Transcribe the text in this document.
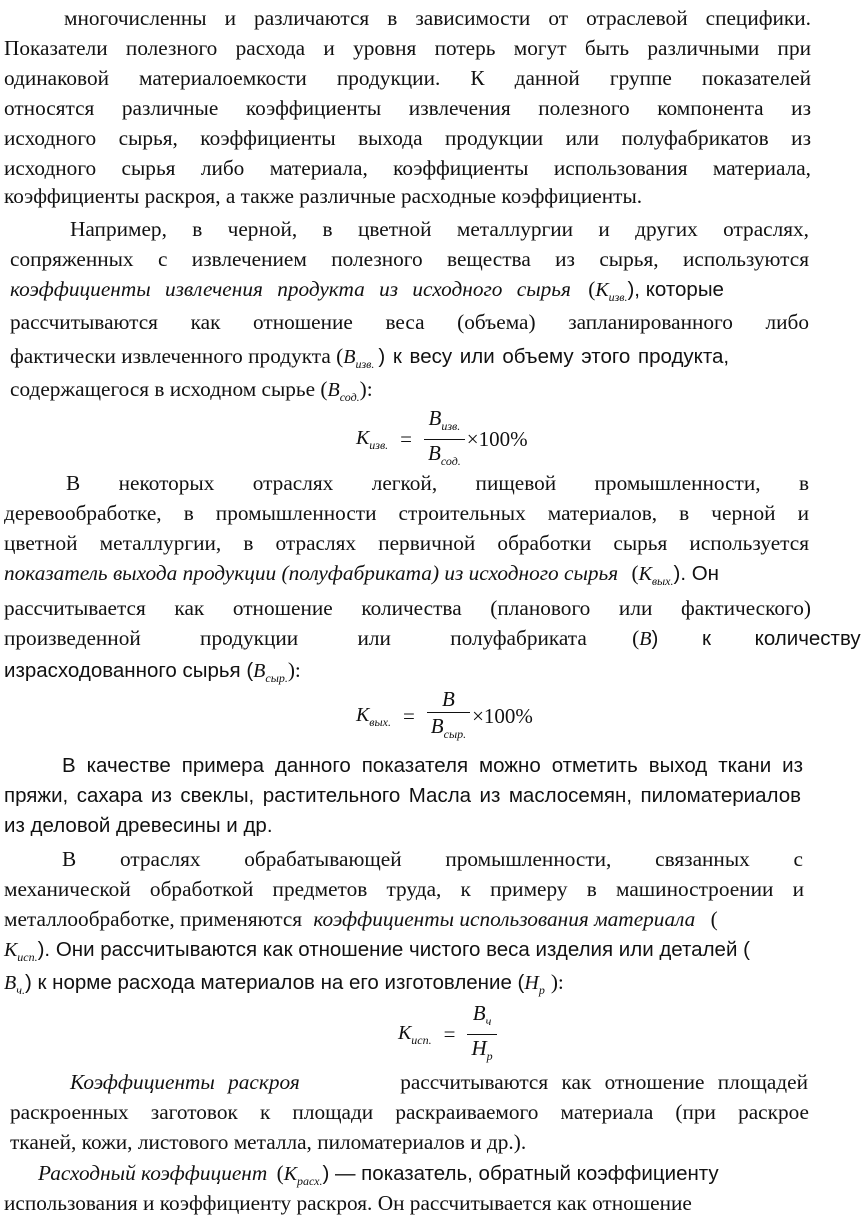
многочисленны и различаются в зависимости от отраслевой специфики.
Показатели полезного расхода и уровня потерь могут быть различными при
одинаковой материалоемкости продукции. К данной группе показателей
относятся различные коэффициенты извлечения полезного компонента из
исходного сырья, коэффициенты выхода продукции или полуфабрикатов из
исходного сырья либо материала, коэффициенты использования материала,
коэффициенты раскроя, а также различные расходные коэффициенты.
Например, в черной, в цветной металлургии и других отраслях,
сопряженных с извлечением полезного вещества из сырья, используются
коэффициенты извлечения продукта из исходного сырья $(К_{изв.})$, которые
рассчитываются как отношение веса (объема) запланированного либо
фактически извлеченного продукта ($В_{изв.}$ ) к весу или объему этого продукта,
содержащегося в исходном сырье $(В_{сод.})$:
$К_{изв.} = \frac{В_{изв.}}{В_{сод.}} \times 100\%$
В некоторых отраслях легкой, пищевой промышленности, в
деревообработке, в промышленности строительных материалов, в черной и
цветной металлургии, в отраслях первичной обработки сырья используется
показатель выхода продукции (полуфабриката) из исходного сырья $(К_{вых.})$. Он
рассчитывается как отношение количества (планового или фактического)
произведенной продукции или полуфабриката (В) к количеству
израсходованного сырья $(В_{сыр.})$:
$К_{вых.} = \frac{В}{В_{сыр.}} \times 100\%$
В качестве примера данного показателя можно отметить выход ткани из
пряжи, сахара из свеклы, растительного Масла из маслосемян, пиломатериалов
из деловой древесины и др.
В отраслях обрабатывающей промышленности, связанных с
механической обработкой предметов труда, к примеру в машиностроении и
металлообработке, применяются коэффициенты использования материала (
$К_{исп.}$). Они рассчитываются как отношение чистого веса изделия или деталей (
$В_{ч.}$) к норме расхода материалов на его изготовление ($Н_р$ ):
$К_{исп.} = \frac{В_ч}{Н_р}$
Коэффициенты раскроя	рассчитываются как отношение площадей
раскроенных заготовок к площади раскраиваемого материала (при раскрое
тканей, кожи, листового металла, пиломатериалов и др.).
Расходный коэффициент $(К_{расх.})$ — показатель, обратный коэффициенту
использования и коэффициенту раскроя. Он рассчитывается как отношение
